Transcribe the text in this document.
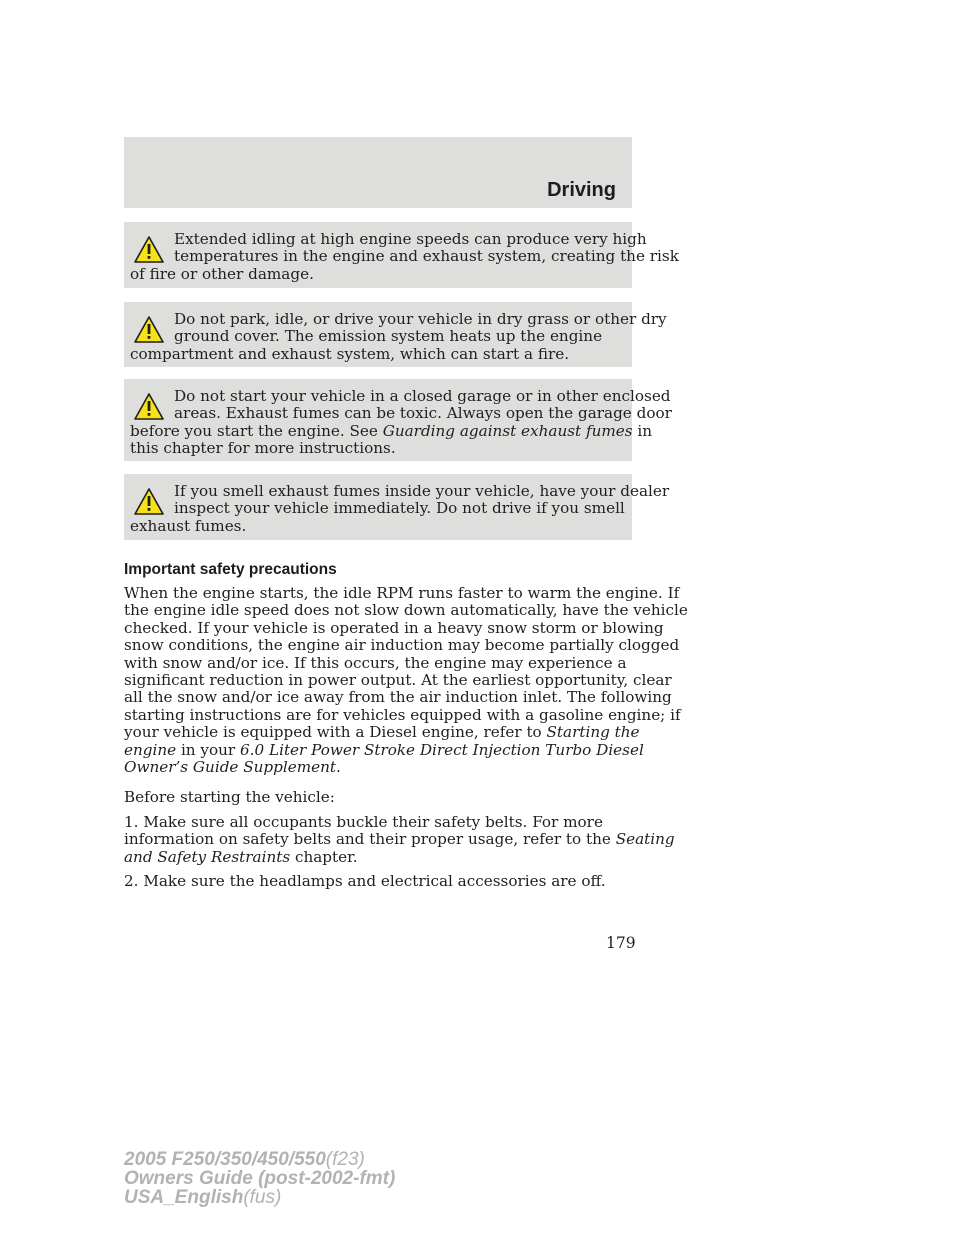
Driving
Extended idling at high engine speeds can produce very high
temperatures in the engine and exhaust system, creating the risk
of fire or other damage.
Do not park, idle, or drive your vehicle in dry grass or other dry
ground cover. The emission system heats up the engine
compartment and exhaust system, which can start a fire.
Do not start your vehicle in a closed garage or in other enclosed
areas. Exhaust fumes can be toxic. Always open the garage door
before you start the engine. See Guarding against exhaust fumes in
this chapter for more instructions.
If you smell exhaust fumes inside your vehicle, have your dealer
inspect your vehicle immediately. Do not drive if you smell
exhaust fumes.
Important safety precautions
When the engine starts, the idle RPM runs faster to warm the engine. If
the engine idle speed does not slow down automatically, have the vehicle
checked. If your vehicle is operated in a heavy snow storm or blowing
snow conditions, the engine air induction may become partially clogged
with snow and/or ice. If this occurs, the engine may experience a
significant reduction in power output. At the earliest opportunity, clear
all the snow and/or ice away from the air induction inlet. The following
starting instructions are for vehicles equipped with a gasoline engine; if
your vehicle is equipped with a Diesel engine, refer to Starting the
engine in your 6.0 Liter Power Stroke Direct Injection Turbo Diesel
Owner’s Guide Supplement.
Before starting the vehicle:
1. Make sure all occupants buckle their safety belts. For more
information on safety belts and their proper usage, refer to the Seating
and Safety Restraints chapter.
2. Make sure the headlamps and electrical accessories are off.
179
2005 F250/350/450/550(f23)
Owners Guide (post-2002-fmt)
USA_English(fus)
